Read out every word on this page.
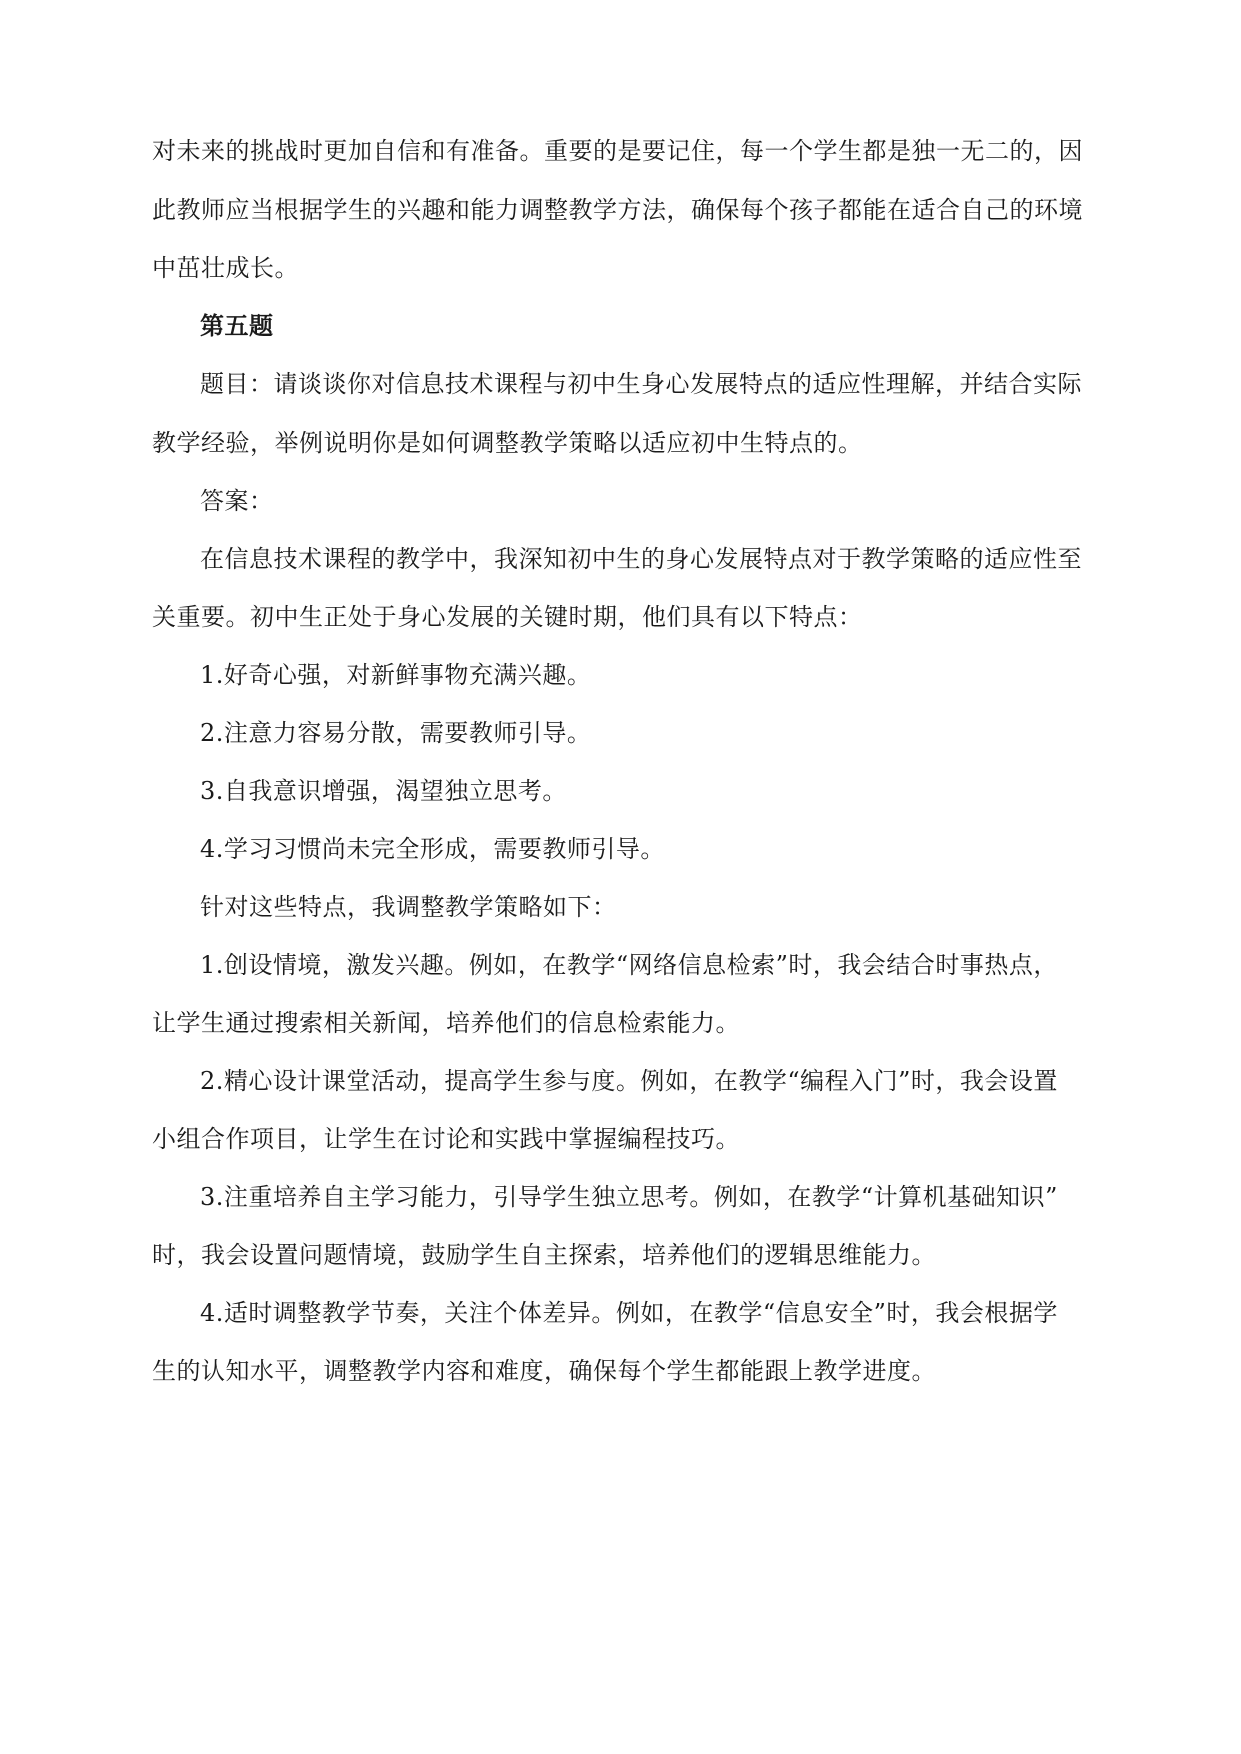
对未来的挑战时更加自信和有准备。重要的是要记住，每一个学生都是独一无二的，因
此教师应当根据学生的兴趣和能力调整教学方法，确保每个孩子都能在适合自己的环境
中茁壮成长。
第五题
题目：请谈谈你对信息技术课程与初中生身心发展特点的适应性理解，并结合实际
教学经验，举例说明你是如何调整教学策略以适应初中生特点的。
答案：
在信息技术课程的教学中，我深知初中生的身心发展特点对于教学策略的适应性至
关重要。初中生正处于身心发展的关键时期，他们具有以下特点：
1.好奇心强，对新鲜事物充满兴趣。
2.注意力容易分散，需要教师引导。
3.自我意识增强，渴望独立思考。
4.学习习惯尚未完全形成，需要教师引导。
针对这些特点，我调整教学策略如下：
1.创设情境，激发兴趣。例如，在教学“网络信息检索”时，我会结合时事热点，
让学生通过搜索相关新闻，培养他们的信息检索能力。
2.精心设计课堂活动，提高学生参与度。例如，在教学“编程入门”时，我会设置
小组合作项目，让学生在讨论和实践中掌握编程技巧。
3.注重培养自主学习能力，引导学生独立思考。例如，在教学“计算机基础知识”
时，我会设置问题情境，鼓励学生自主探索，培养他们的逻辑思维能力。
4.适时调整教学节奏，关注个体差异。例如，在教学“信息安全”时，我会根据学
生的认知水平，调整教学内容和难度，确保每个学生都能跟上教学进度。
